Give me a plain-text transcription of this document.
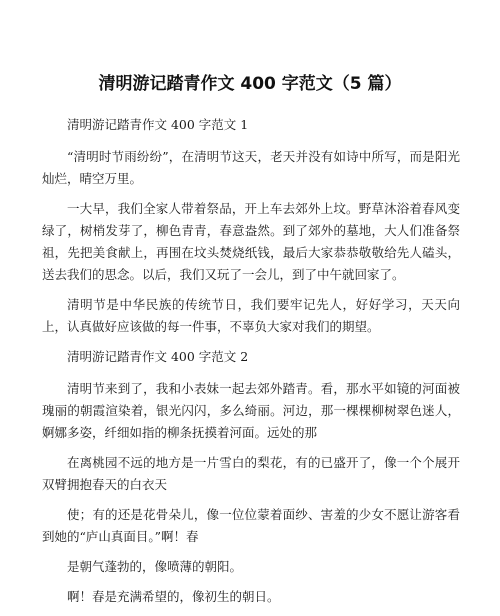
清明游记踏青作文 400 字范文（5 篇）

清明游记踏青作文 400 字范文 1

“清明时节雨纷纷”，在清明节这天，老天并没有如诗中所写，而是阳光灿烂，晴空万里。

一大早，我们全家人带着祭品，开上车去郊外上坟。野草沐浴着春风变绿了，树梢发芽了，柳色青青，春意盎然。到了郊外的墓地，大人们准备祭祖，先把美食献上，再围在坟头焚烧纸钱，最后大家恭恭敬敬给先人磕头，送去我们的思念。以后，我们又玩了一会儿，到了中午就回家了。

清明节是中华民族的传统节日，我们要牢记先人，好好学习，天天向上，认真做好应该做的每一件事，不辜负大家对我们的期望。

清明游记踏青作文 400 字范文 2

清明节来到了，我和小表妹一起去郊外踏青。看，那水平如镜的河面被瑰丽的朝霞渲染着，银光闪闪，多么绮丽。河边，那一棵棵柳树翠色迷人，婀娜多姿，纤细如指的柳条抚摸着河面。远处的那

在离桃园不远的地方是一片雪白的梨花，有的已盛开了，像一个个展开双臂拥抱春天的白衣天

使；有的还是花骨朵儿，像一位位蒙着面纱、害羞的少女不愿让游客看到她的“庐山真面目。”啊！春

是朝气蓬勃的，像喷薄的朝阳。

啊！春是充满希望的，像初生的朝日。
